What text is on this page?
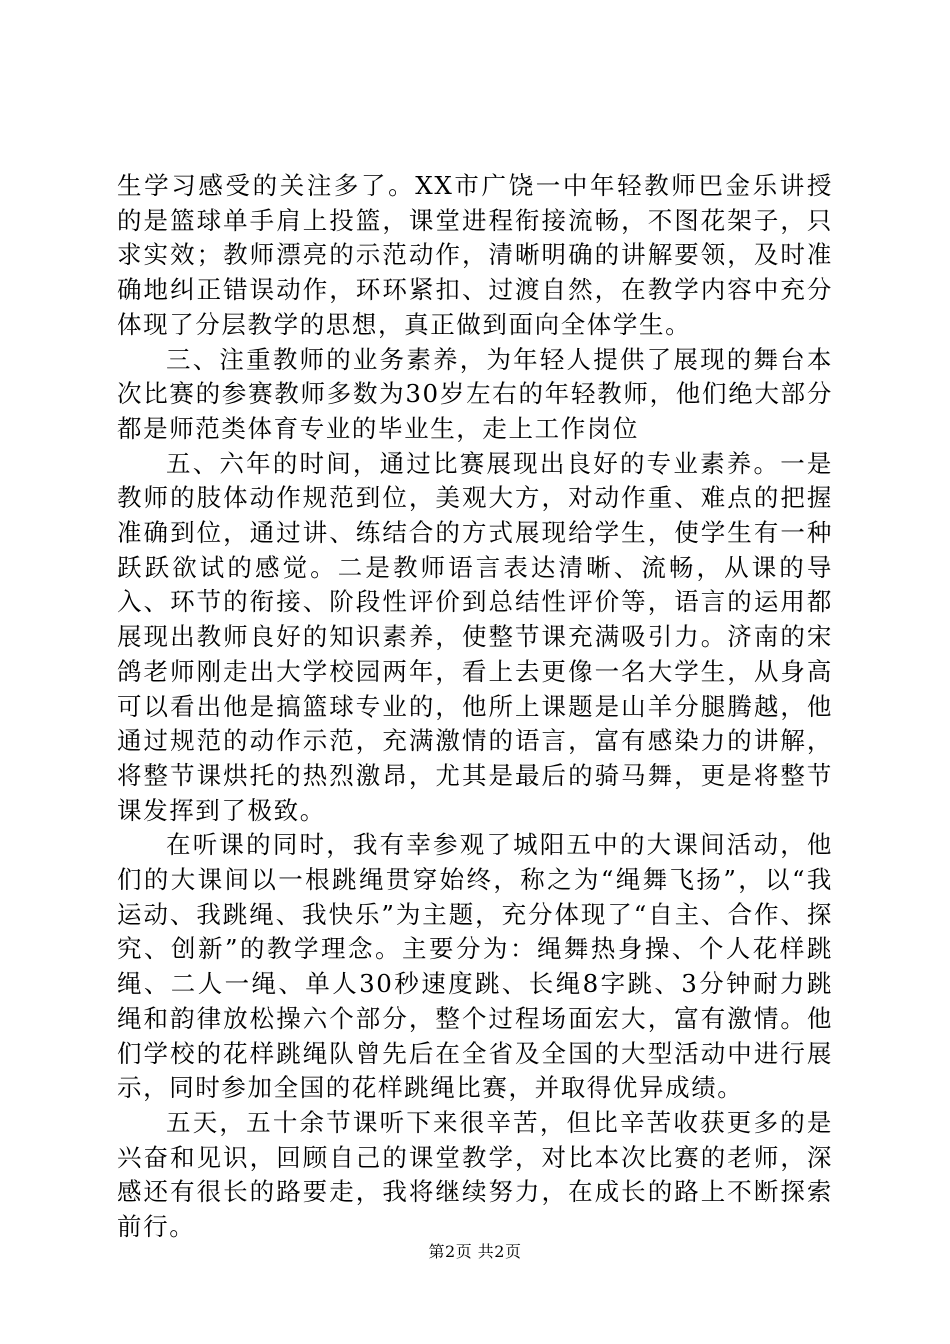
生学习感受的关注多了。XX市广饶一中年轻教师巴金乐讲授的是篮球单手肩上投篮，课堂进程衔接流畅，不图花架子，只求实效；教师漂亮的示范动作，清晰明确的讲解要领，及时准确地纠正错误动作，环环紧扣、过渡自然，在教学内容中充分体现了分层教学的思想，真正做到面向全体学生。

三、注重教师的业务素养，为年轻人提供了展现的舞台本次比赛的参赛教师多数为30岁左右的年轻教师，他们绝大部分都是师范类体育专业的毕业生，走上工作岗位

五、六年的时间，通过比赛展现出良好的专业素养。一是教师的肢体动作规范到位，美观大方，对动作重、难点的把握准确到位，通过讲、练结合的方式展现给学生，使学生有一种跃跃欲试的感觉。二是教师语言表达清晰、流畅，从课的导入、环节的衔接、阶段性评价到总结性评价等，语言的运用都展现出教师良好的知识素养，使整节课充满吸引力。济南的宋鸽老师刚走出大学校园两年，看上去更像一名大学生，从身高可以看出他是搞篮球专业的，他所上课题是山羊分腿腾越，他通过规范的动作示范，充满激情的语言，富有感染力的讲解，将整节课烘托的热烈激昂，尤其是最后的骑马舞，更是将整节课发挥到了极致。

在听课的同时，我有幸参观了城阳五中的大课间活动，他们的大课间以一根跳绳贯穿始终，称之为“绳舞飞扬”，以“我运动、我跳绳、我快乐”为主题，充分体现了“自主、合作、探究、创新”的教学理念。主要分为：绳舞热身操、个人花样跳绳、二人一绳、单人30秒速度跳、长绳8字跳、3分钟耐力跳绳和韵律放松操六个部分，整个过程场面宏大，富有激情。他们学校的花样跳绳队曾先后在全省及全国的大型活动中进行展示，同时参加全国的花样跳绳比赛，并取得优异成绩。

五天，五十余节课听下来很辛苦，但比辛苦收获更多的是兴奋和见识，回顾自己的课堂教学，对比本次比赛的老师，深感还有很长的路要走，我将继续努力，在成长的路上不断探索前行。

第2页 共2页
